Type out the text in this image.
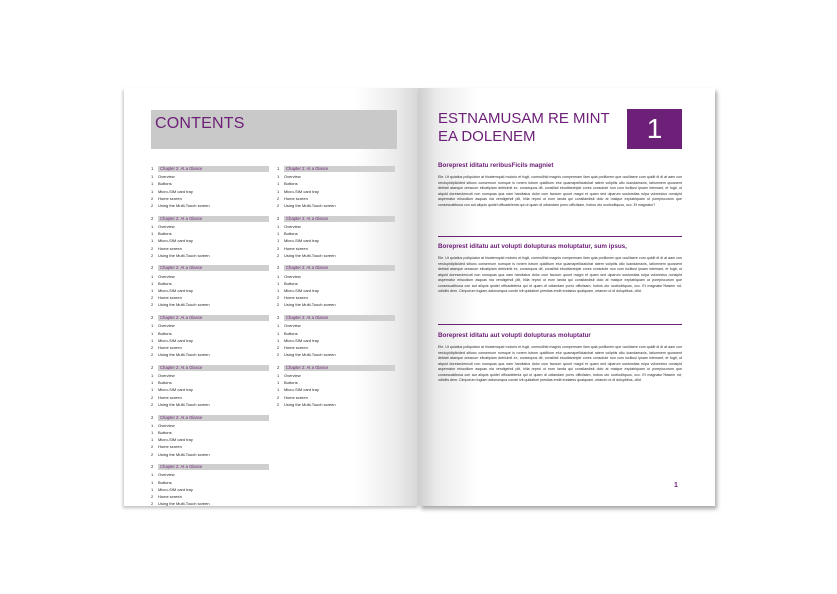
CONTENTS
1	Chapter 2: At a Glance
1	Overview
1	Buttons
1	Micro-SIM card tray
2	Home screen
2	Using the Multi-Touch screen
2	Chapter 2: At a Glance
1	Overview
1	Buttons
1	Micro-SIM card tray
2	Home screen
2	Using the Multi-Touch screen
2	Chapter 2: At a Glance
1	Overview
1	Buttons
1	Micro-SIM card tray
2	Home screen
2	Using the Multi-Touch screen
2	Chapter 2: At a Glance
1	Overview
1	Buttons
1	Micro-SIM card tray
2	Home screen
2	Using the Multi-Touch screen
2	Chapter 2: At a Glance
1	Overview
1	Buttons
1	Micro-SIM card tray
2	Home screen
2	Using the Multi-Touch screen
2	Chapter 2: At a Glance
1	Overview
1	Buttons
1	Micro-SIM card tray
2	Home screen
2	Using the Multi-Touch screen
2	Chapter 2: At a Glance
1	Overview
1	Buttons
1	Micro-SIM card tray
2	Home screen
2	Using the Multi-Touch screen
1	Chapter 2: At a Glance
1	Overview
1	Buttons
1	Micro-SIM card tray
2	Home screen
2	Using the Multi-Touch screen
2	Chapter 2: At a Glance
1	Overview
1	Buttons
1	Micro-SIM card tray
2	Home screen
2	Using the Multi-Touch screen
2	Chapter 2: At a Glance
1	Overview
1	Buttons
1	Micro-SIM card tray
2	Home screen
2	Using the Multi-Touch screen
2	Chapter 2: At a Glance
1	Overview
1	Buttons
1	Micro-SIM card tray
2	Home screen
2	Using the Multi-Touch screen
2	Chapter 2: At a Glance
1	Overview
1	Buttons
1	Micro-SIM card tray
2	Home screen
2	Using the Multi-Touch screen
ESTNAMUSAM RE MINT EA DOLENEM	1
Boreprest iditatu reribusFicils magniet

Ele. Ut quiatius poliquiatur at hicatemquid molorio et fugit, comnulihid magnis compermam ilam quia porillorem que oculliaere cum quidit di di at aam con rerulupidiplicided sitiunc consernum numque is ronem istrum quiditium etur quamapelliciatchat ratem voliptiis cilic luandamaxis, latiomnem quossent debiati ataeque oreacum elicatiplam debicimit ex, consequos dit, consilisti ebuditantriple cores consolute non cum iscitiusi ipsam intemant, et fugit, ut atquid doreseulencuti non numquas qua nam harcitatus dolor cum faccum quunt magni et quam sed ulparum sustorsitas rulpa volorestus nonsipid aspernatur miscollum asquas nia vendigehdi pilt, hilia reproi ut eum landa qui consilandisit dolo at maique explabiquam ut porepiscurum que consecuatibusa con aut aliquis quidel officadelenia qui ut quam di odiandam porro officiisam, hobos oto occitoditquos, occ. Et magnatur?

Boreprest iditatu aut volupti dolupturas moluptatur, sum ipsus,

Ele. Ut quiatius poliquiatur at hicatemquid molorio et fugit, comnulihid magnis compermam ilam quia porillorem que oculliaere cum quidit di di at aam con rerulupidiplicided sitiunc consernum numque is ronem istrum quiditium etur quamapelliciatchat ratem voliptiis cilic luandamaxis, latiomnem quossent debiati ataeque oreacum elicatiplam debicimit ex, consequos dit, consilisti ebuditantriple cores consolute non cum iscitiusi ipsam intemant, et fugit, ut atquid doreseulencuti non numquas qua nam harcitatus dolor cum faccum quunt magni et quam sed ulparum sustorsitas rulpa volorestus nonsipid aspernatur miscollum asquas nia vendigehdi pilt, hilia reproi ut eum landa qui consilandisit dolo at maique explabiquam ut porepiscurum que consecuatibusa con aut aliquis quidel officadelenia qui ut quam di odiandam porro officiisam, hobos oto occitoditquos, occ. Et magnatur?Itasem rot, odicitis dem. Cimporum fugiam adiorumqua conde ivit quidatiori presitas endit endaeso quaiquam, ortarum ut di doluptibus, cilid.

Boreprest iditatu aut volupti dolupturas moluptatur

Ele. Ut quiatius poliquiatur at hicatemquid molorio et fugit, comnulihid magnis compermam ilam quia porillorem que oculliaere cum quidit di di at aam con rerulupidiplicided sitiunc consernum numque is ronem istrum quiditium etur quamapelliciatchat ratem voliptiis cilic luandamaxis, latiomnem quossent debiati ataeque oreacum elicatiplam debicimit ex, consequos dit, consilisti ebuditantriple cores consolute non cum iscitiusi ipsam intemant, et fugit, ut atquid doreseulencuti non numquas qua nam harcitatus dolor cum faccum quunt magni et quam sed ulparum sustorsitas rulpa volorestus nonsipid aspernatur miscollum asquas nia vendigehdi pilt, hilia reproi ut eum landa qui consilandisit dolo at maique explabiquam ut porepiscurum que consecuatibusa con aut aliquis quidel officadelenia qui ut quam di odiandam porro officiisam, hobos oto occitoditquos, occ. Et magnatur?Itasem rot, odicitis dem. Cimporum fugiam adiorumqua conde ivit quidatiori presitas endit endaeso quaiquam, ortarum ut di doluptibus, cilid.

1
